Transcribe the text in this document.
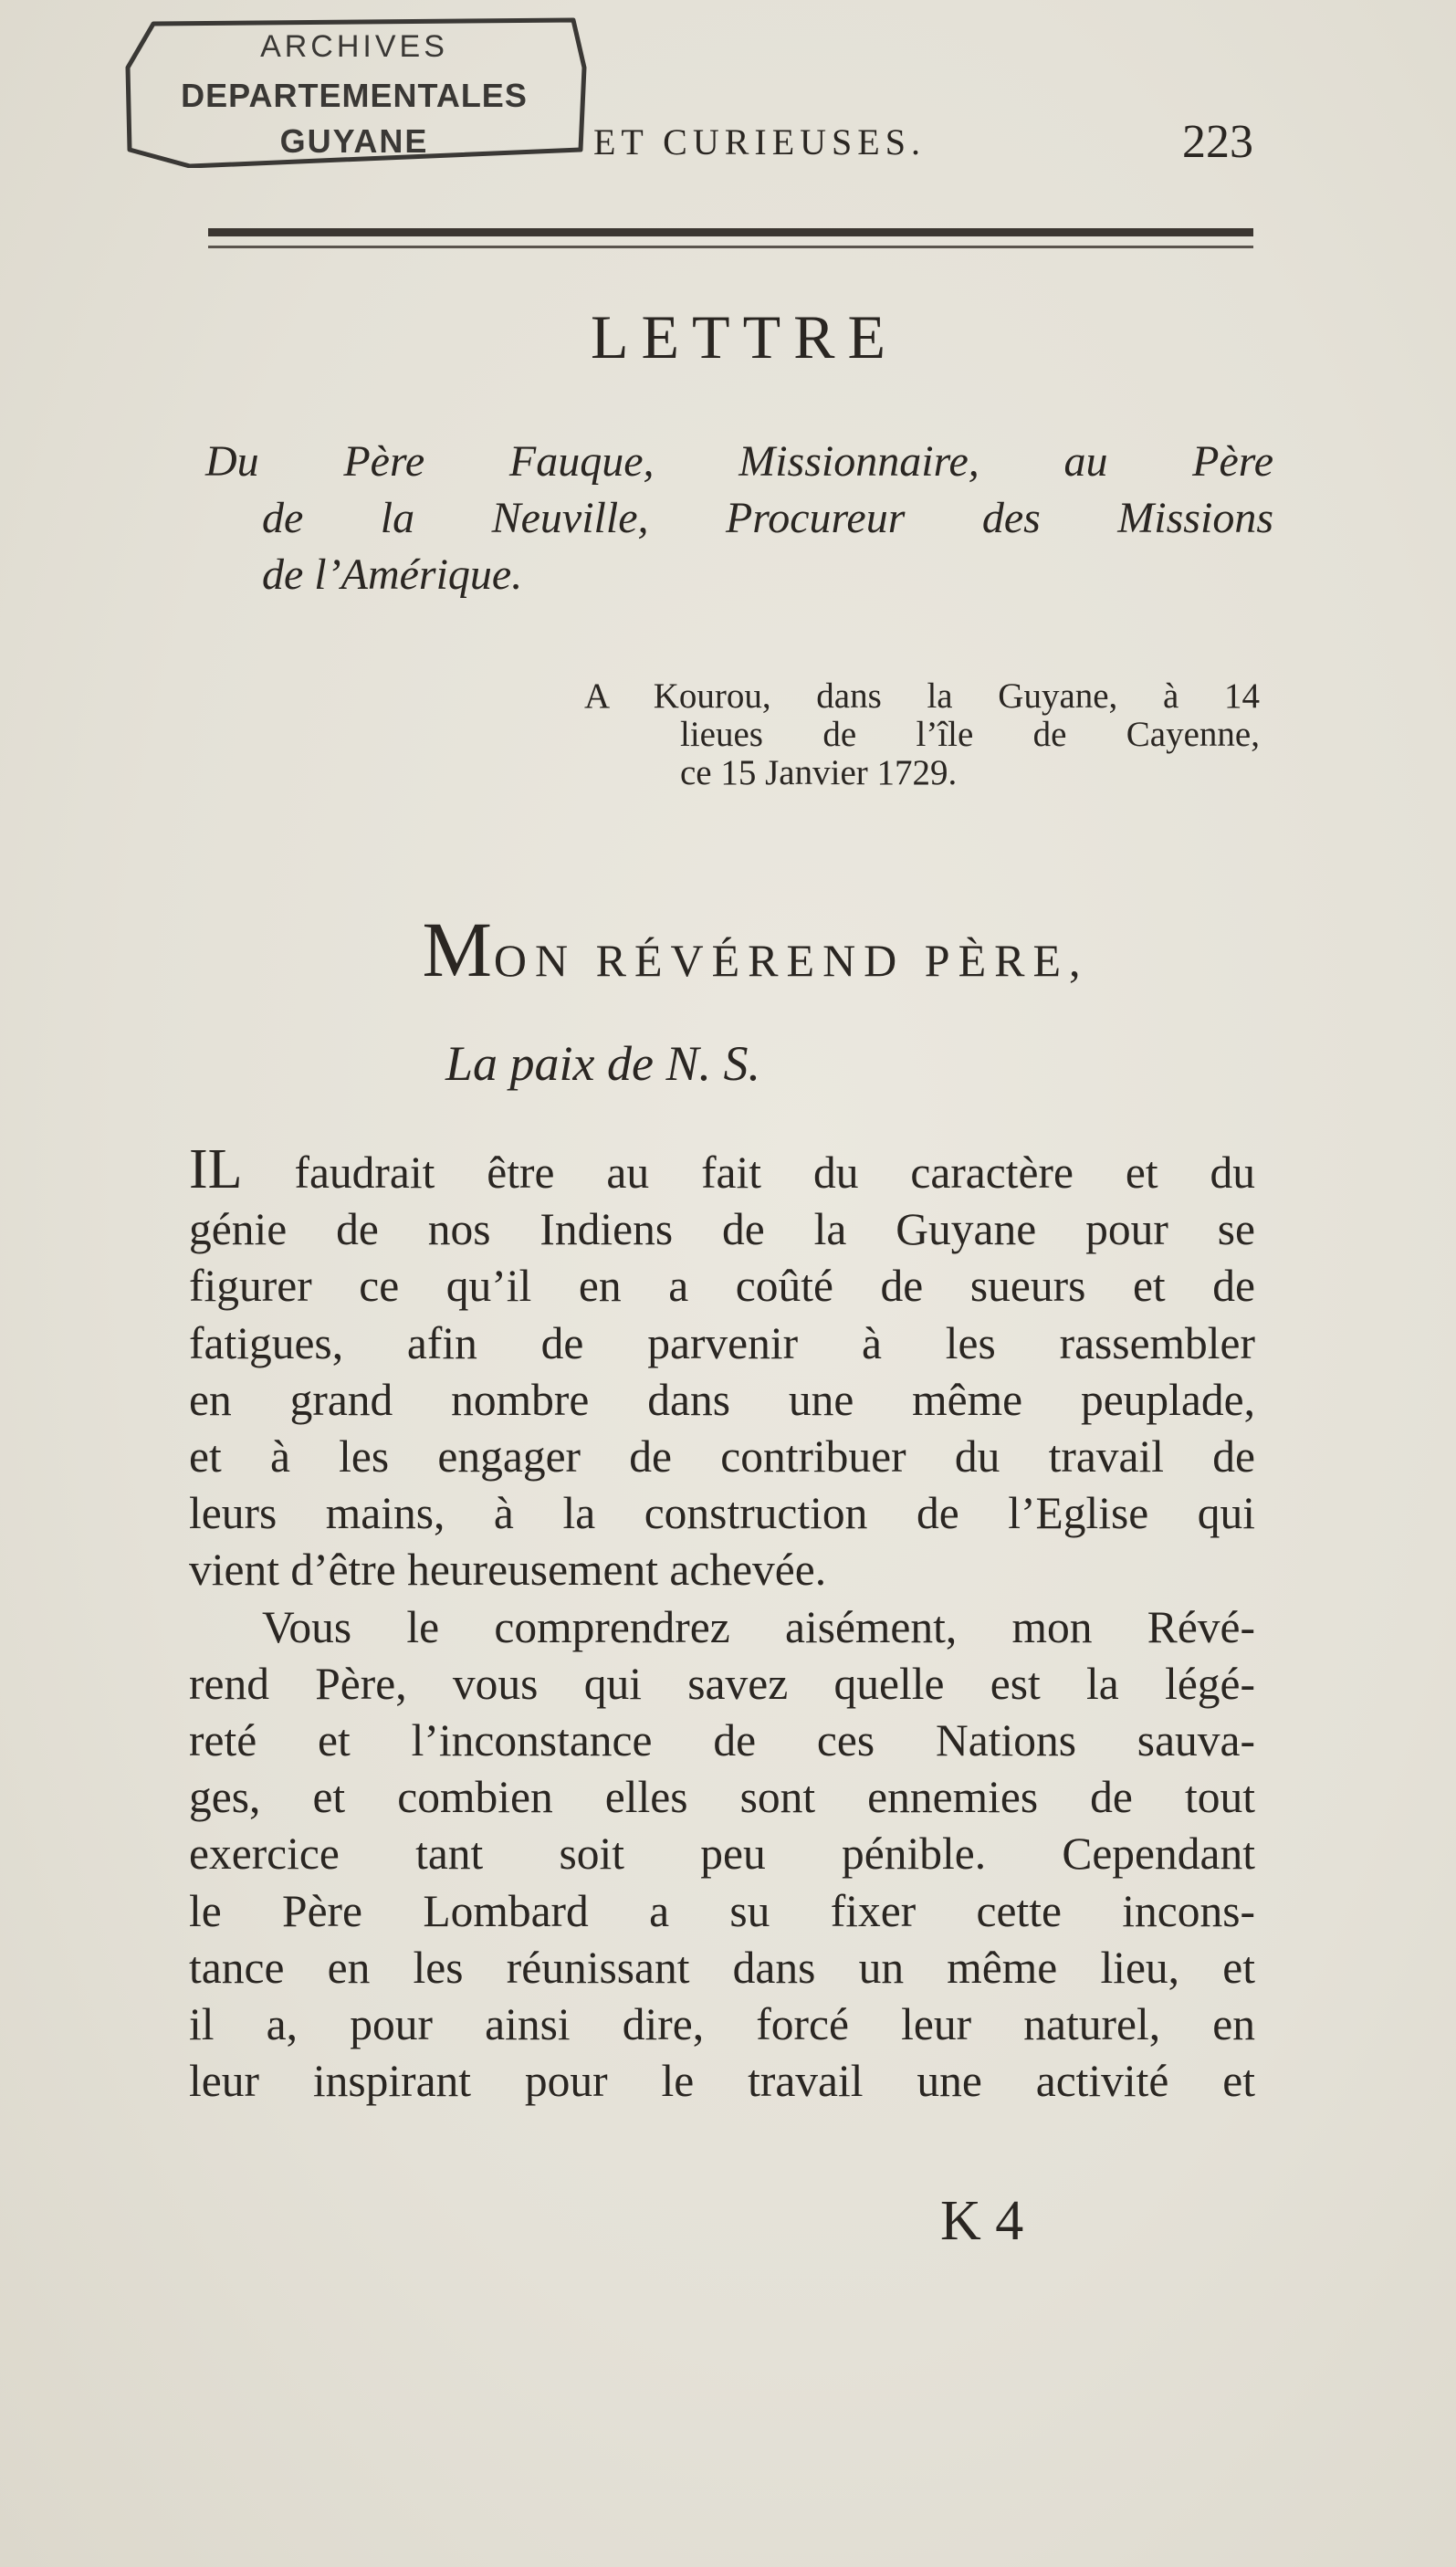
ARCHIVES
DEPARTEMENTALES
GUYANE	ET CURIEUSES.	223
LETTRE
Du Père Fauque, Missionnaire, au Père
de la Neuville, Procureur des Missions
de l’Amérique.
A Kourou, dans la Guyane, à 14
lieues de l’île de Cayenne,
ce 15 Janvier 1729.
MON RÉVÉREND PÈRE,
La paix de N. S.
IL faudrait être au fait du caractère et du
génie de nos Indiens de la Guyane pour se
figurer ce qu’il en a coûté de sueurs et de
fatigues, afin de parvenir à les rassembler
en grand nombre dans une même peuplade,
et à les engager de contribuer du travail de
leurs mains, à la construction de l’Eglise qui
vient d’être heureusement achevée.
Vous le comprendrez aisément, mon Révé-
rend Père, vous qui savez quelle est la légé-
reté et l’inconstance de ces Nations sauva-
ges, et combien elles sont ennemies de tout
exercice tant soit peu pénible. Cependant
le Père Lombard a su fixer cette incons-
tance en les réunissant dans un même lieu, et
il a, pour ainsi dire, forcé leur naturel, en
leur inspirant pour le travail une activité et
K 4
